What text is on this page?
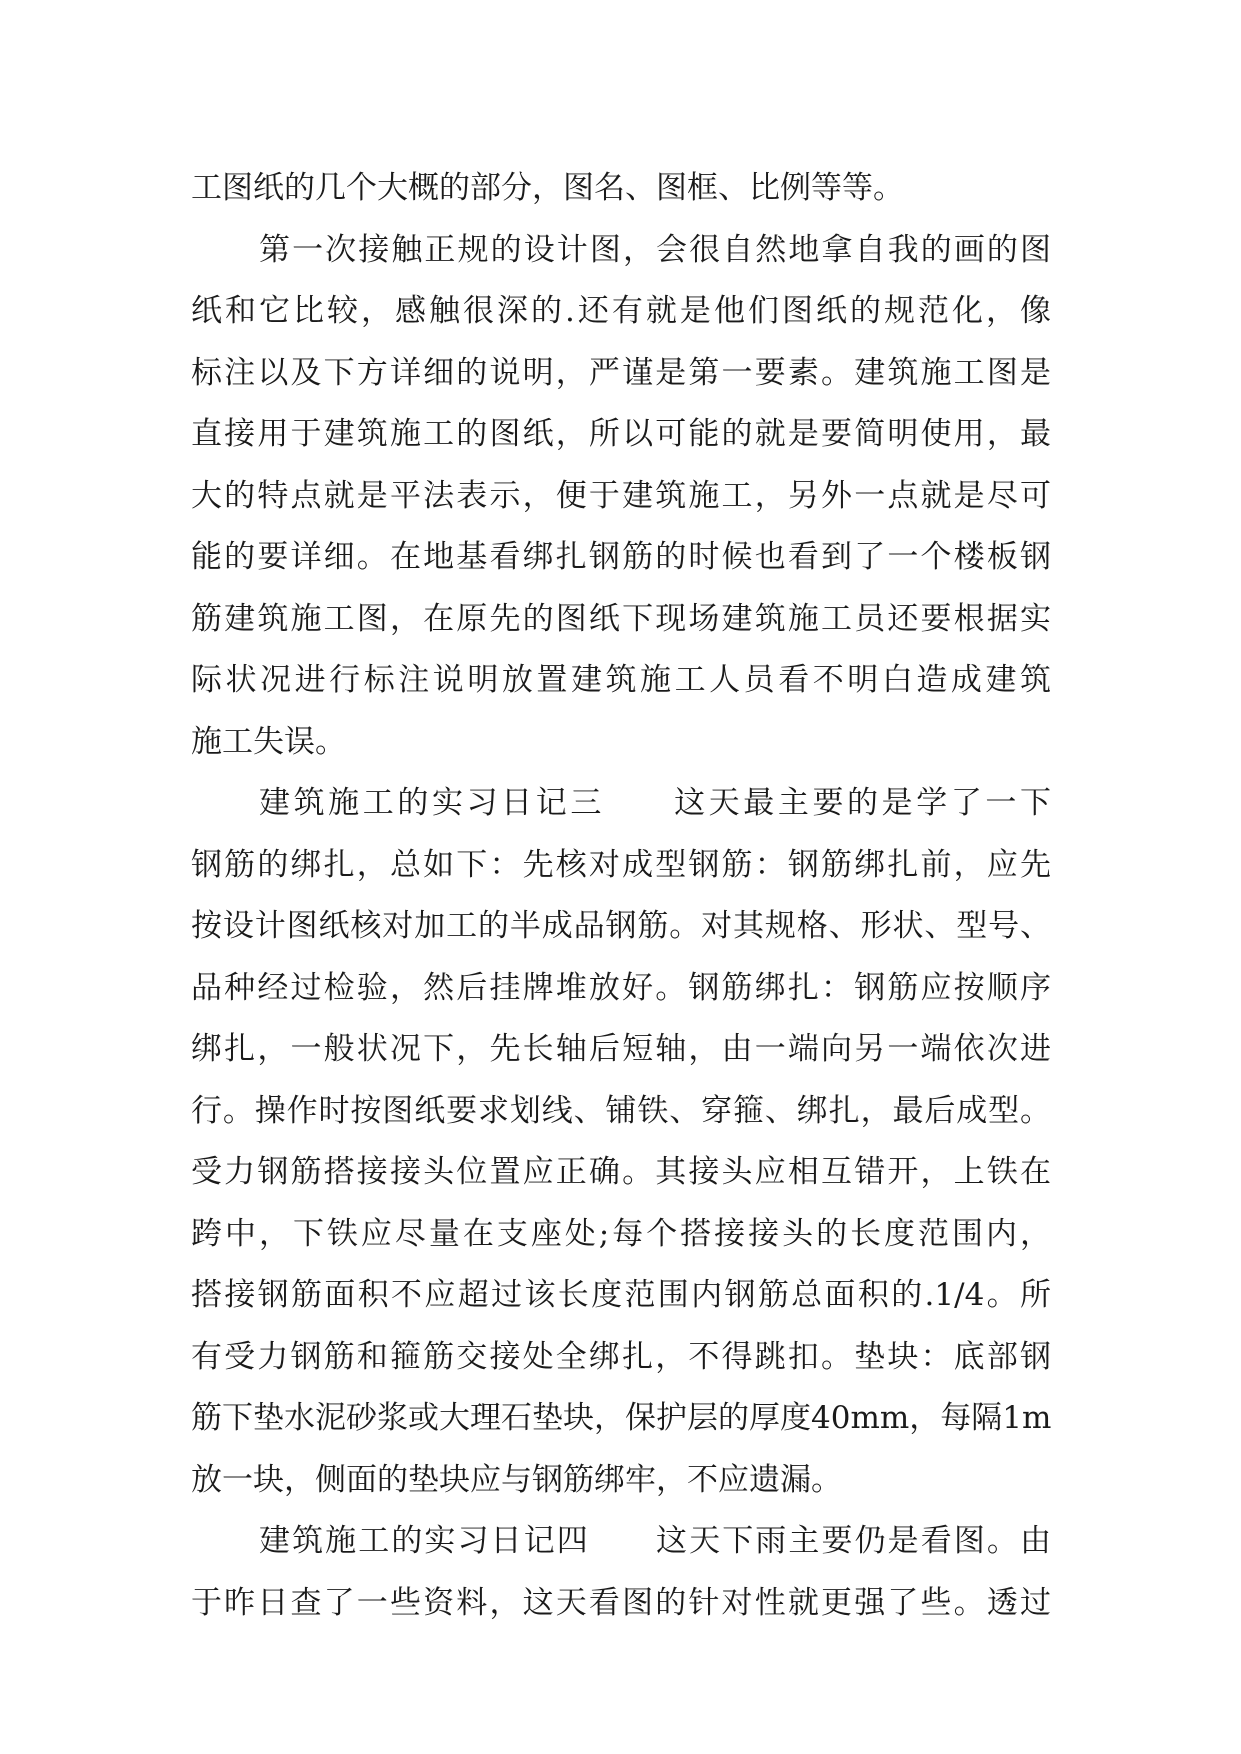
工图纸的几个大概的部分，图名、图框、比例等等。
第一次接触正规的设计图，会很自然地拿自我的画的图
纸和它比较，感触很深的.还有就是他们图纸的规范化，像
标注以及下方详细的说明，严谨是第一要素。建筑施工图是
直接用于建筑施工的图纸，所以可能的就是要简明使用，最
大的特点就是平法表示，便于建筑施工，另外一点就是尽可
能的要详细。在地基看绑扎钢筋的时候也看到了一个楼板钢
筋建筑施工图，在原先的图纸下现场建筑施工员还要根据实
际状况进行标注说明放置建筑施工人员看不明白造成建筑
施工失误。
建筑施工的实习日记三　　这天最主要的是学了一下
钢筋的绑扎，总如下：先核对成型钢筋：钢筋绑扎前，应先
按设计图纸核对加工的半成品钢筋。对其规格、形状、型号、
品种经过检验，然后挂牌堆放好。钢筋绑扎：钢筋应按顺序
绑扎，一般状况下，先长轴后短轴，由一端向另一端依次进
行。操作时按图纸要求划线、铺铁、穿箍、绑扎，最后成型。
受力钢筋搭接接头位置应正确。其接头应相互错开，上铁在
跨中，下铁应尽量在支座处;每个搭接接头的长度范围内，
搭接钢筋面积不应超过该长度范围内钢筋总面积的.1/4。所
有受力钢筋和箍筋交接处全绑扎，不得跳扣。垫块：底部钢
筋下垫水泥砂浆或大理石垫块，保护层的厚度40mm，每隔1m
放一块，侧面的垫块应与钢筋绑牢，不应遗漏。
建筑施工的实习日记四　　这天下雨主要仍是看图。由
于昨日查了一些资料，这天看图的针对性就更强了些。透过
